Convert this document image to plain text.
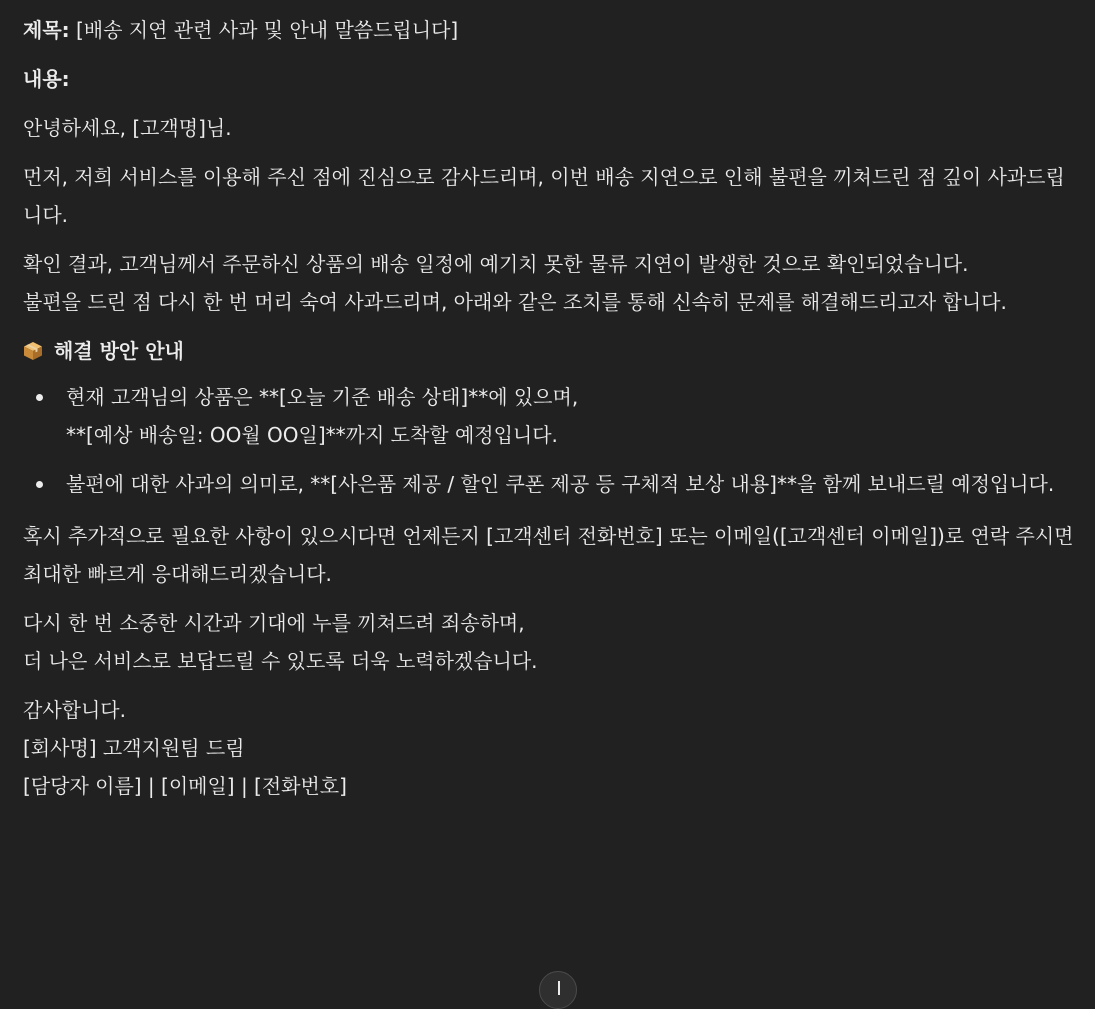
제목: [배송 지연 관련 사과 및 안내 말씀드립니다]
내용:
안녕하세요, [고객명]님.
먼저, 저희 서비스를 이용해 주신 점에 진심으로 감사드리며, 이번 배송 지연으로 인해 불편을 끼쳐드린 점 깊이 사과드립니다.
확인 결과, 고객님께서 주문하신 상품의 배송 일정에 예기치 못한 물류 지연이 발생한 것으로 확인되었습니다.
불편을 드린 점 다시 한 번 머리 숙여 사과드리며, 아래와 같은 조치를 통해 신속히 문제를 해결해드리고자 합니다.
해결 방안 안내
현재 고객님의 상품은 **[오늘 기준 배송 상태]**에 있으며,
**[예상 배송일: OO월 OO일]**까지 도착할 예정입니다.
불편에 대한 사과의 의미로, **[사은품 제공 / 할인 쿠폰 제공 등 구체적 보상 내용]**을 함께 보내드릴 예정입니다.
혹시 추가적으로 필요한 사항이 있으시다면 언제든지 [고객센터 전화번호] 또는 이메일([고객센터 이메일])로 연락 주시면
최대한 빠르게 응대해드리겠습니다.
다시 한 번 소중한 시간과 기대에 누를 끼쳐드려 죄송하며,
더 나은 서비스로 보답드릴 수 있도록 더욱 노력하겠습니다.
감사합니다.
[회사명] 고객지원팀 드림
[담당자 이름] | [이메일] | [전화번호]
